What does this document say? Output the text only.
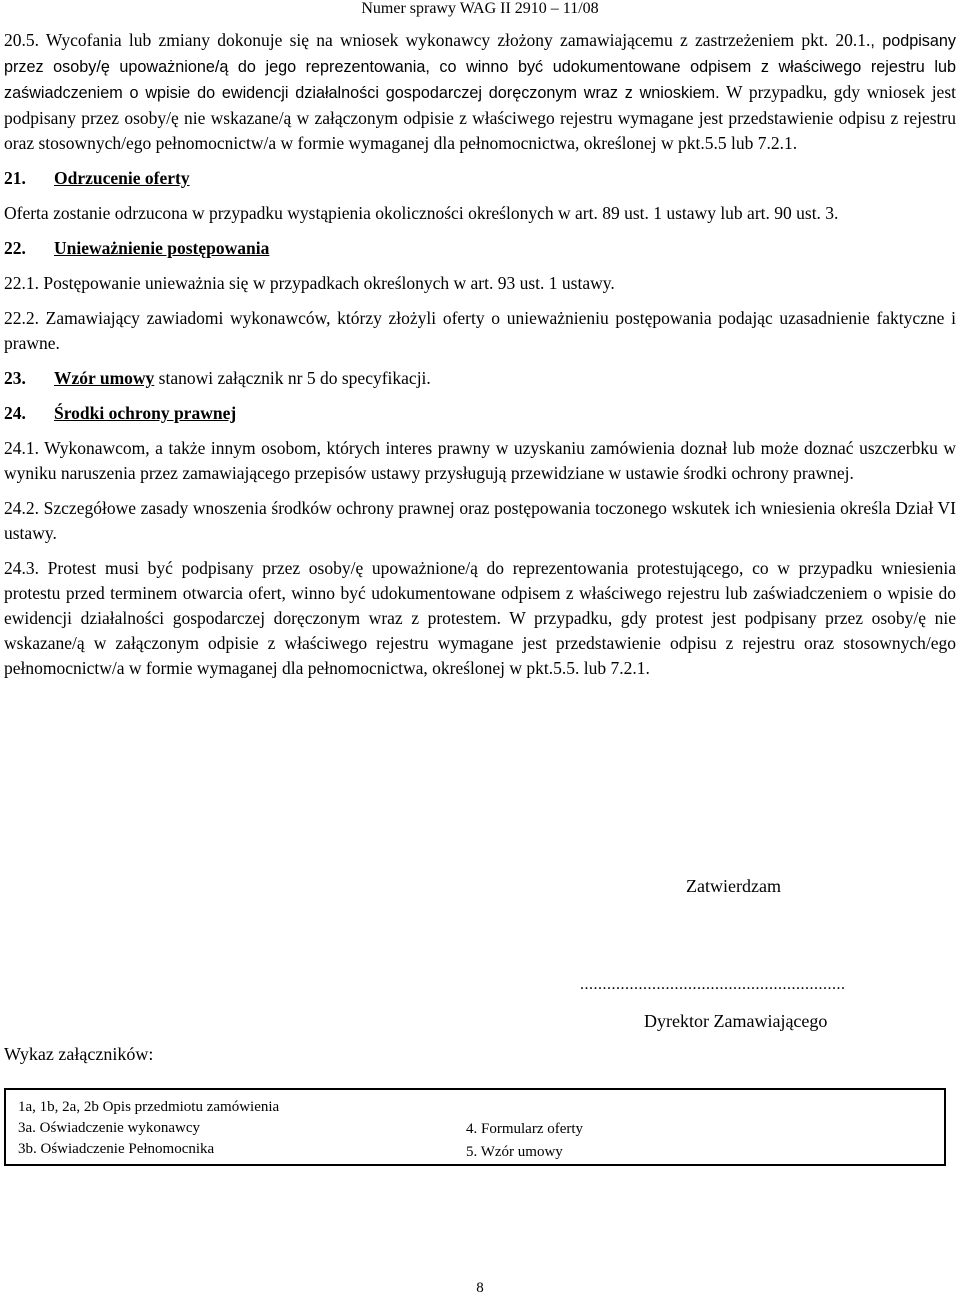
Numer sprawy WAG II 2910 – 11/08

20.5. Wycofania lub zmiany dokonuje się na wniosek wykonawcy złożony zamawiającemu z zastrzeżeniem pkt. 20.1., podpisany przez osoby/ę upoważnione/ą do jego reprezentowania, co winno być udokumentowane odpisem z właściwego rejestru lub zaświadczeniem o wpisie do ewidencji działalności gospodarczej doręczonym wraz z wnioskiem. W przypadku, gdy wniosek jest podpisany przez osoby/ę nie wskazane/ą w załączonym odpisie z właściwego rejestru wymagane jest przedstawienie odpisu z rejestru oraz stosownych/ego pełnomocnictw/a w formie wymaganej dla pełnomocnictwa, określonej w pkt.5.5 lub 7.2.1.

21. Odrzucenie oferty

Oferta zostanie odrzucona w przypadku wystąpienia okoliczności określonych w art. 89 ust. 1 ustawy lub art. 90 ust. 3.

22. Unieważnienie postępowania

22.1. Postępowanie unieważnia się w przypadkach określonych w art. 93 ust. 1 ustawy.

22.2. Zamawiający zawiadomi wykonawców, którzy złożyli oferty o unieważnieniu postępowania podając uzasadnienie faktyczne i prawne.

23. Wzór umowy stanowi załącznik nr 5 do specyfikacji.

24. Środki ochrony prawnej

24.1. Wykonawcom, a także innym osobom, których interes prawny w uzyskaniu zamówienia doznał lub może doznać uszczerbku w wyniku naruszenia przez zamawiającego przepisów ustawy przysługują przewidziane w ustawie środki ochrony prawnej.

24.2. Szczegółowe zasady wnoszenia środków ochrony prawnej oraz postępowania toczonego wskutek ich wniesienia określa Dział VI ustawy.

24.3. Protest musi być podpisany przez osoby/ę upoważnione/ą do reprezentowania protestującego, co w przypadku wniesienia protestu przed terminem otwarcia ofert, winno być udokumentowane odpisem z właściwego rejestru lub zaświadczeniem o wpisie do ewidencji działalności gospodarczej doręczonym wraz z protestem. W przypadku, gdy protest jest podpisany przez osoby/ę nie wskazane/ą w załączonym odpisie z właściwego rejestru wymagane jest przedstawienie odpisu z rejestru oraz stosownych/ego pełnomocnictw/a w formie wymaganej dla pełnomocnictwa, określonej w pkt.5.5. lub 7.2.1.

Zatwierdzam
...........................................................
Dyrektor Zamawiającego
Wykaz załączników:
1a, 1b, 2a, 2b Opis przedmiotu zamówienia
3a. Oświadczenie wykonawcy
3b. Oświadczenie Pełnomocnika
4. Formularz oferty
5. Wzór umowy
8
